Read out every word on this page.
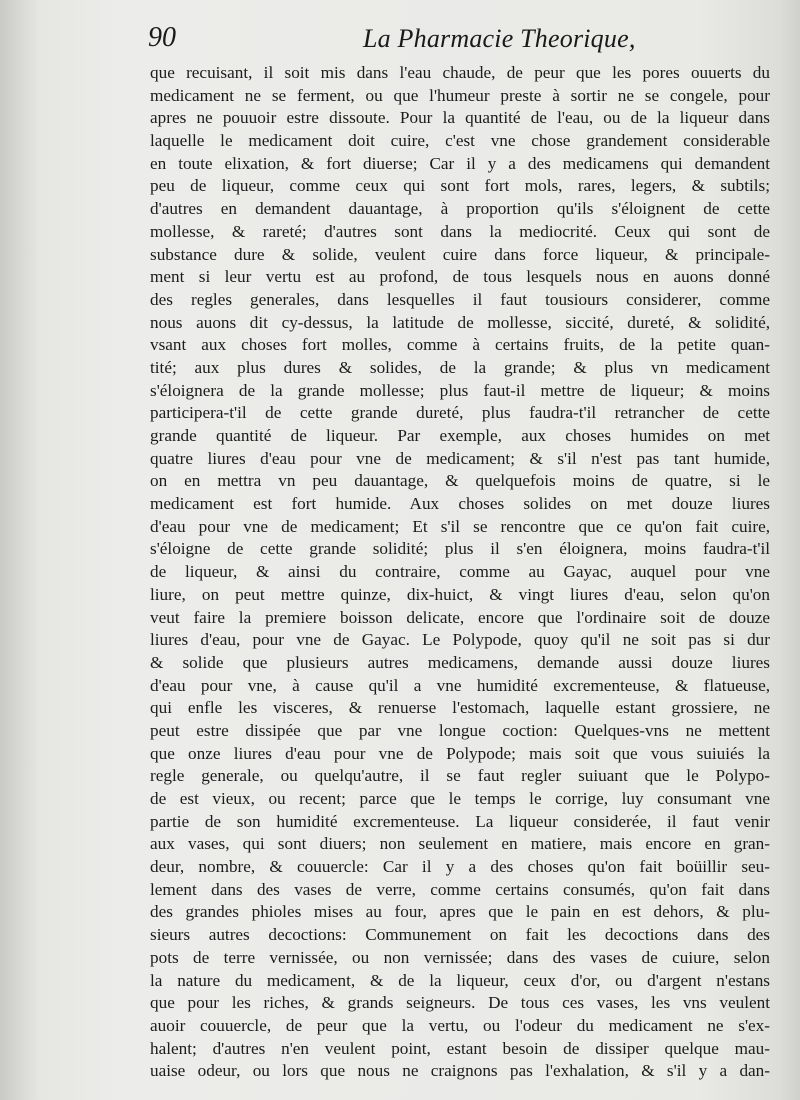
90	La Pharmacie Theorique,
que recuisant, il soit mis dans l'eau chaude, de peur que les pores ouuerts du
medicament ne se ferment, ou que l'humeur preste à sortir ne se congele, pour
apres ne pouuoir estre dissoute. Pour la quantité de l'eau, ou de la liqueur dans
laquelle le medicament doit cuire, c'est vne chose grandement considerable
en toute elixation, & fort diuerse; Car il y a des medicamens qui demandent
peu de liqueur, comme ceux qui sont fort mols, rares, legers, & subtils;
d'autres en demandent dauantage, à proportion qu'ils s'éloignent de cette
mollesse, & rareté; d'autres sont dans la mediocrité. Ceux qui sont de
substance dure & solide, veulent cuire dans force liqueur, & principale-
ment si leur vertu est au profond, de tous lesquels nous en auons donné
des regles generales, dans lesquelles il faut tousiours considerer, comme
nous auons dit cy-dessus, la latitude de mollesse, siccité, dureté, & solidité,
vsant aux choses fort molles, comme à certains fruits, de la petite quan-
tité; aux plus dures & solides, de la grande; & plus vn medicament
s'éloignera de la grande mollesse; plus faut-il mettre de liqueur; & moins
participera-t'il de cette grande dureté, plus faudra-t'il retrancher de cette
grande quantité de liqueur. Par exemple, aux choses humides on met
quatre liures d'eau pour vne de medicament; & s'il n'est pas tant humide,
on en mettra vn peu dauantage, & quelquefois moins de quatre, si le
medicament est fort humide. Aux choses solides on met douze liures
d'eau pour vne de medicament; Et s'il se rencontre que ce qu'on fait cuire,
s'éloigne de cette grande solidité; plus il s'en éloignera, moins faudra-t'il
de liqueur, & ainsi du contraire, comme au Gayac, auquel pour vne
liure, on peut mettre quinze, dix-huict, & vingt liures d'eau, selon qu'on
veut faire la premiere boisson delicate, encore que l'ordinaire soit de douze
liures d'eau, pour vne de Gayac. Le Polypode, quoy qu'il ne soit pas si dur
& solide que plusieurs autres medicamens, demande aussi douze liures
d'eau pour vne, à cause qu'il a vne humidité excrementeuse, & flatueuse,
qui enfle les visceres, & renuerse l'estomach, laquelle estant grossiere, ne
peut estre dissipée que par vne longue coction: Quelques-vns ne mettent
que onze liures d'eau pour vne de Polypode; mais soit que vous suiuiés la
regle generale, ou quelqu'autre, il se faut regler suiuant que le Polypo-
de est vieux, ou recent; parce que le temps le corrige, luy consumant vne
partie de son humidité excrementeuse. La liqueur considerée, il faut venir
aux vases, qui sont diuers; non seulement en matiere, mais encore en gran-
deur, nombre, & couuercle: Car il y a des choses qu'on fait boüillir seu-
lement dans des vases de verre, comme certains consumés, qu'on fait dans
des grandes phioles mises au four, apres que le pain en est dehors, & plu-
sieurs autres decoctions: Communement on fait les decoctions dans des
pots de terre vernissée, ou non vernissée; dans des vases de cuiure, selon
la nature du medicament, & de la liqueur, ceux d'or, ou d'argent n'estans
que pour les riches, & grands seigneurs. De tous ces vases, les vns veulent
auoir couuercle, de peur que la vertu, ou l'odeur du medicament ne s'ex-
halent; d'autres n'en veulent point, estant besoin de dissiper quelque mau-
uaise odeur, ou lors que nous ne craignons pas l'exhalation, & s'il y a dan-
